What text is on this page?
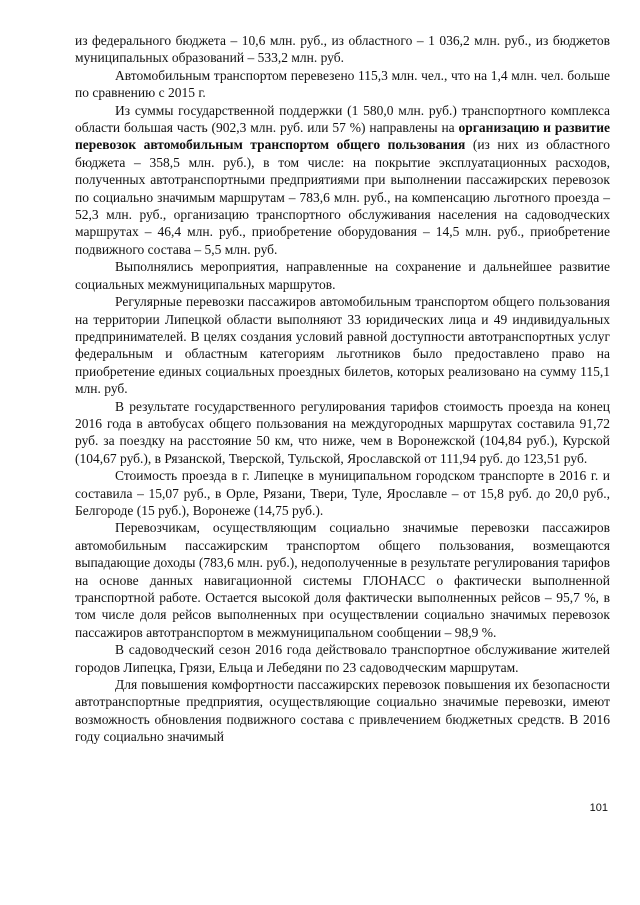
из федерального бюджета – 10,6 млн. руб., из областного – 1 036,2 млн. руб., из бюджетов муниципальных образований – 533,2 млн. руб.

Автомобильным транспортом перевезено 115,3 млн. чел., что на 1,4 млн. чел. больше по сравнению с 2015 г.

Из суммы государственной поддержки (1 580,0 млн. руб.) транспортного комплекса области большая часть (902,3 млн. руб. или 57 %) направлены на организацию и развитие перевозок автомобильным транспортом общего пользования (из них из областного бюджета – 358,5 млн. руб.), в том числе: на покрытие эксплуатационных расходов, полученных автотранспортными предприятиями при выполнении пассажирских перевозок по социально значимым маршрутам – 783,6 млн. руб., на компенсацию льготного проезда – 52,3 млн. руб., организацию транспортного обслуживания населения на садоводческих маршрутах – 46,4 млн. руб., приобретение оборудования – 14,5 млн. руб., приобретение подвижного состава – 5,5 млн. руб.

Выполнялись мероприятия, направленные на сохранение и дальнейшее развитие социальных межмуниципальных маршрутов.

Регулярные перевозки пассажиров автомобильным транспортом общего пользования на территории Липецкой области выполняют 33 юридических лица и 49 индивидуальных предпринимателей. В целях создания условий равной доступности автотранспортных услуг федеральным и областным категориям льготников было предоставлено право на приобретение единых социальных проездных билетов, которых реализовано на сумму 115,1 млн. руб.

В результате государственного регулирования тарифов стоимость проезда на конец 2016 года в автобусах общего пользования на междугородных маршрутах составила 91,72 руб. за поездку на расстояние 50 км, что ниже, чем в Воронежской (104,84 руб.), Курской (104,67 руб.), в Рязанской, Тверской, Тульской, Ярославской от 111,94 руб. до 123,51 руб.

Стоимость проезда в г. Липецке в муниципальном городском транспорте в 2016 г. и составила – 15,07 руб., в Орле, Рязани, Твери, Туле, Ярославле – от 15,8 руб. до 20,0 руб., Белгороде (15 руб.), Воронеже (14,75 руб.).

Перевозчикам, осуществляющим социально значимые перевозки пассажиров автомобильным пассажирским транспортом общего пользования, возмещаются выпадающие доходы (783,6 млн. руб.), недополученные в результате регулирования тарифов на основе данных навигационной системы ГЛОНАСС о фактически выполненной транспортной работе. Остается высокой доля фактически выполненных рейсов – 95,7 %, в том числе доля рейсов выполненных при осуществлении социально значимых перевозок пассажиров автотранспортом в межмуниципальном сообщении – 98,9 %.

В садоводческий сезон 2016 года действовало транспортное обслуживание жителей городов Липецка, Грязи, Ельца и Лебедяни по 23 садоводческим маршрутам.

Для повышения комфортности пассажирских перевозок повышения их безопасности автотранспортные предприятия, осуществляющие социально значимые перевозки, имеют возможность обновления подвижного состава с привлечением бюджетных средств. В 2016 году социально значимый

101
